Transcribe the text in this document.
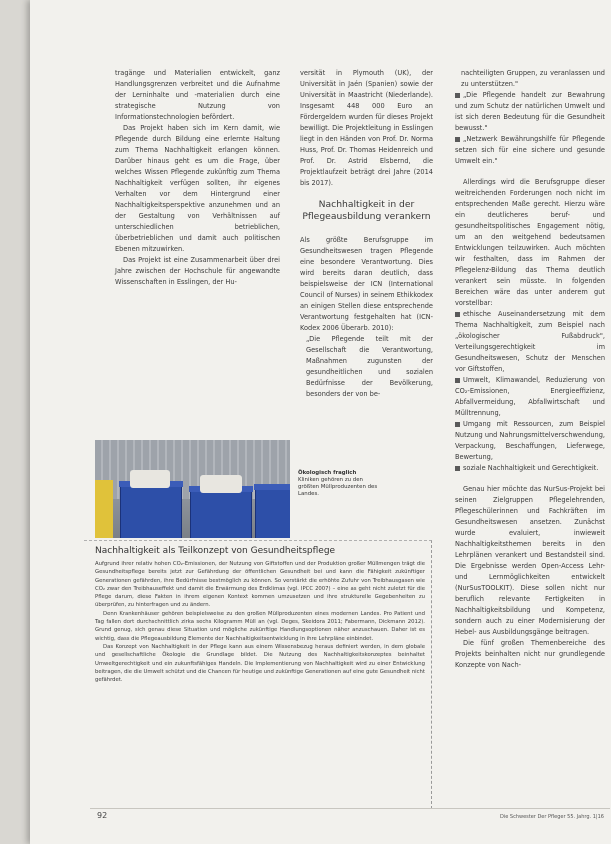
tragänge und Materialien entwickelt, ganz Handlungsgrenzen verbreitet und die Aufnahme der Lerninhalte und -materialien durch eine strategische Nutzung von Informationstechnologien befördert.

Das Projekt haben sich im Kern damit, wie Pflegende durch Bildung eine erlernte Haltung zum Thema Nachhaltigkeit erlangen können. Darüber hinaus geht es um die Frage, über welches Wissen Pflegende zukünftig zum Thema Nachhaltigkeit verfügen sollten, ihr eigenes Verhalten vor dem Hintergrund einer Nachhaltigkeitsperspektive anzunehmen und an der Gestaltung von Verhältnissen auf unterschiedlichen betrieblichen, überbetrieblichen und damit auch politischen Ebenen mitzuwirken.

Das Projekt ist eine Zusammenarbeit über drei Jahre zwischen der Hochschule für angewandte Wissenschaften in Esslingen, der Hu-

versität in Plymouth (UK), der Universität in Jaén (Spanien) sowie der Universität in Maastricht (Niederlande). Insgesamt 448 000 Euro an Fördergeldern wurden für dieses Projekt bewilligt. Die Projektleitung in Esslingen liegt in den Händen von Prof. Dr. Norma Huss, Prof. Dr. Thomas Heidenreich und Prof. Dr. Astrid Elsbernd, die Projektlaufzeit beträgt drei Jahre (2014 bis 2017).

Nachhaltigkeit in der Pflegeausbildung verankern

Als größte Berufsgruppe im Gesundheitswesen tragen Pflegende eine besondere Verantwortung. Dies wird bereits daran deutlich, dass beispielsweise der ICN (International Council of Nurses) in seinem Ethikkodex an einigen Stellen diese entsprechende Verantwortung festgehalten hat (ICN-Kodex 2006 Überarb. 2010):

„Die Pflegende teilt mit der Gesellschaft die Verantwortung, Maßnahmen zugunsten der gesundheitlichen und sozialen Bedürfnisse der Bevölkerung, besonders der von be-

nachteiligten Gruppen, zu veranlassen und zu unterstützen."

„Die Pflegende handelt zur Bewahrung und zum Schutz der natürlichen Umwelt und ist sich deren Bedeutung für die Gesundheit bewusst."

„Netzwerk Bewährungshilfe für Pflegende setzen sich für eine sichere und gesunde Umwelt ein."

Allerdings wird die Berufsgruppe dieser weitreichenden Forderungen noch nicht im entsprechenden Maße gerecht. Hierzu wäre ein deutlicheres beruf- und gesundheitspolitisches Engagement nötig, um an den weitgehend bedeutsamen Entwicklungen teilzuwirken. Auch möchten wir festhalten, dass im Rahmen der Pflegelenz-Bildung das Thema deutlich verankert sein müsste. In folgenden Bereichen wäre das unter anderem gut vorstellbar:

ethische Auseinandersetzung mit dem Thema Nachhaltigkeit, zum Beispiel nach „ökologischer Fußabdruck", Verteilungsgerechtigkeit im Gesundheitswesen, Schutz der Menschen vor Giftstoffen,

Umwelt, Klimawandel, Reduzierung von CO₂-Emissionen, Energieeffizienz, Abfallvermeidung, Abfallwirtschaft und Mülltrennung,

Umgang mit Ressourcen, zum Beispiel Nutzung und Nahrungsmittelverschwendung, Verpackung, Beschaffungen, Lieferwege, Bewertung,

soziale Nachhaltigkeit und Gerechtigkeit.

Genau hier möchte das NurSus-Projekt bei seinen Zielgruppen Pflegelehrenden, Pflegeschülerinnen und Fachkräften im Gesundheitswesen ansetzen. Zunächst wurde evaluiert, inwieweit Nachhaltigkeitsthemen bereits in den Lehrplänen verankert und Bestandsteil sind. Die Ergebnisse werden Open-Access Lehr- und Lernmöglichkeiten entwickelt (NurSusTOOLKIT). Diese sollen nicht nur beruflich relevante Fertigkeiten in Nachhaltigkeitsbildung und Kompetenz, sondern auch zu einer Modernisierung der Hebel- aus Ausbildungsgänge beitragen.

Die fünf großen Themenbereiche des Projekts beinhalten nicht nur grundlegende Konzepte von Nach-

Ökologisch fraglich
Kliniken gehören zu den größten Müllproduzenten des Landes.
Nachhaltigkeit als Teilkonzept von Gesundheitspflege

Aufgrund ihrer relativ hohen CO₂-Emissionen, der Nutzung von Giftstoffen und der Produktion großer Müllmengen trägt die Gesundheitspflege bereits jetzt zur Gefährdung der öffentlichen Gesundheit bei und kann die Fähigkeit zukünftiger Generationen gefährden, ihre Bedürfnisse bestmöglich zu können. So verstärkt die erhöhte Zufuhr von Treibhausgasen wie CO₂ zwar den Treibhauseffekt und damit die Erwärmung des Erdklimas (vgl. IPCC 2007) – eine as geht nicht zuletzt für die Pflege darum, diese Fakten in ihrem eigenen Kontext kommen umzusetzen und ihre strukturelle Gegebenheiten zu überprüfen, zu hinterfragen und zu ändern.

Denn Krankenhäuser gehören beispielsweise zu den großen Müllproduzenten eines modernen Landes. Pro Patient und Tag fallen dort durchschnittlich zirka sechs Kilogramm Müll an (vgl. Deges, Skeidora 2011; Fabermann, Dickmann 2012). Grund genug, sich genau diese Situation und mögliche zukünftige Handlungsoptionen näher anzuschauen. Daher ist es wichtig, dass die Pflegeausbildung Elemente der Nachhaltigkeitsentwicklung in ihre Lehrpläne einbindet.

Das Konzept von Nachhaltigkeit in der Pflege kann aus einem Wissensbezug heraus definiert werden, in dem globale und gesellschaftliche Ökologie die Grundlage bildet. Die Nutzung des Nachhaltigkeitskonzeptes beinhaltet Umweltgerechtigkeit und ein zukunftsfähiges Handeln. Die Implementierung von Nachhaltigkeit wird zu einer Entwicklung beitragen, die die Umwelt schützt und die Chancen für heutige und zukünftige Generationen auf eine gute Gesundheit nicht gefährdet.

92	Die Schwester Der Pfleger 55. Jahrg. 1|16
